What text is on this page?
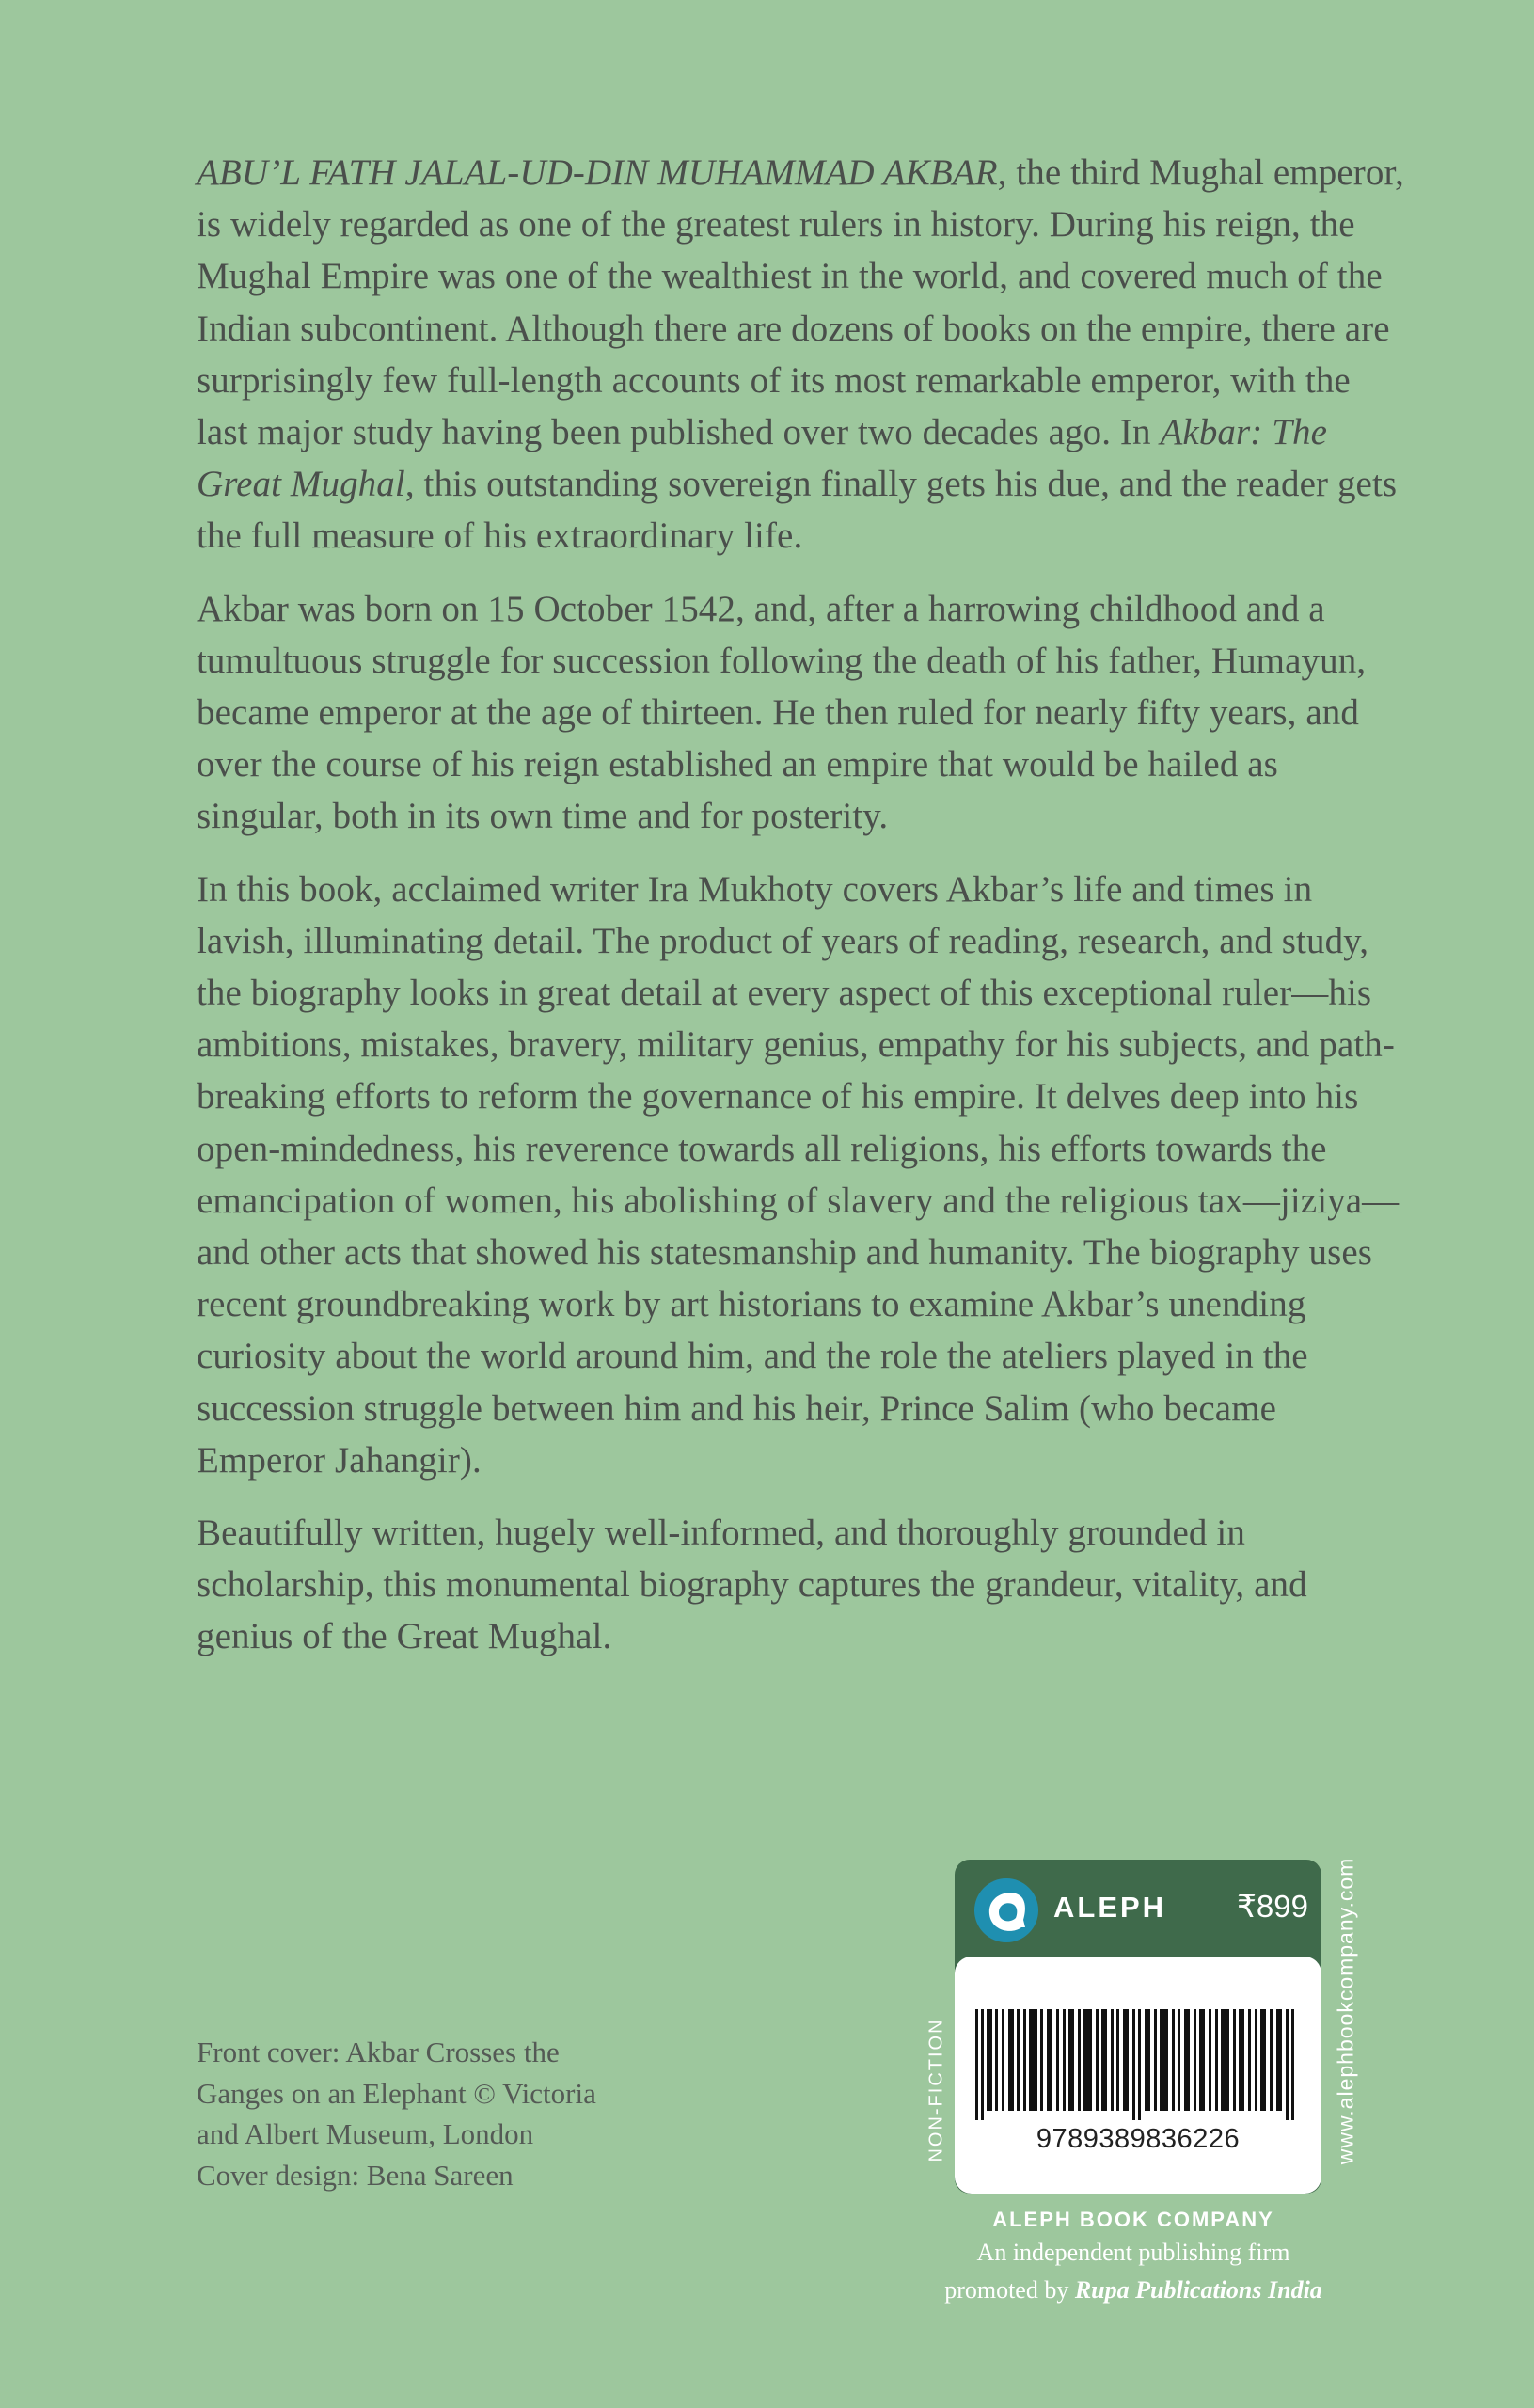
ABU’L FATH JALAL-UD-DIN MUHAMMAD AKBAR, the third Mughal emperor, is widely regarded as one of the greatest rulers in history. During his reign, the Mughal Empire was one of the wealthiest in the world, and covered much of the Indian subcontinent. Although there are dozens of books on the empire, there are surprisingly few full-length accounts of its most remarkable emperor, with the last major study having been published over two decades ago. In Akbar: The Great Mughal, this outstanding sovereign finally gets his due, and the reader gets the full measure of his extraordinary life.

Akbar was born on 15 October 1542, and, after a harrowing childhood and a tumultuous struggle for succession following the death of his father, Humayun, became emperor at the age of thirteen. He then ruled for nearly fifty years, and over the course of his reign established an empire that would be hailed as singular, both in its own time and for posterity.

In this book, acclaimed writer Ira Mukhoty covers Akbar’s life and times in lavish, illuminating detail. The product of years of reading, research, and study, the biography looks in great detail at every aspect of this exceptional ruler—his ambitions, mistakes, bravery, military genius, empathy for his subjects, and path-breaking efforts to reform the governance of his empire. It delves deep into his open-mindedness, his reverence towards all religions, his efforts towards the emancipation of women, his abolishing of slavery and the religious tax—jiziya—and other acts that showed his statesmanship and humanity. The biography uses recent groundbreaking work by art historians to examine Akbar’s unending curiosity about the world around him, and the role the ateliers played in the succession struggle between him and his heir, Prince Salim (who became Emperor Jahangir).

Beautifully written, hugely well-informed, and thoroughly grounded in scholarship, this monumental biography captures the grandeur, vitality, and genius of the Great Mughal.

Front cover: Akbar Crosses the
Ganges on an Elephant © Victoria
and Albert Museum, London
Cover design: Bena Sareen
ALEPH ₹899
9789389836226
NON-FICTION	www.alephbookcompany.com
ALEPH BOOK COMPANY
An independent publishing firm
promoted by Rupa Publications India
